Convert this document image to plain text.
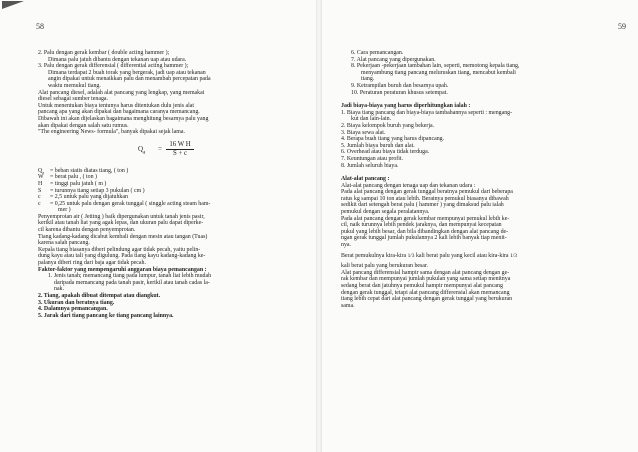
58

2. Palu dengan gerak kembar ( double acting hammer );

Dimana palu jatuh dibantu dengan tekanan uap atau udara.

3. Palu dengan gerak differensial ( differential acting hammer );

Dimana terdapat 2 buah torak yang bergerak, jadi uap atau tekanan

angin dipakai untuk menaikkan palu dan menambah percepatan pada

waktu memukul tiang.

Alat pancang diesel, adalah alat pancang yang lengkap, yang memakai

diesel sebagai sumber tenaga.

Untuk menentukan biaya tentunya harus ditentukan dulu jenis alat

pancang apa yang akan dipakai dan bagaimana caranya memancang.

Dibawah ini akan dijelaskan bagaimana menghitung besarnya palu yang

akan dipakai dengan salah satu rumus.

"The engineering News- formula", banyak dipakai sejak lama.

$Q_a = \frac{\text{16 W H}}{S + c}$
$Q_a$ = beban statis diatas tiang, ( ton )
W = berat palu , ( ton )
H = tinggi palu jatuh ( m )
S = turunnya tiang setiap 3 pukulan ( cm )
c = 2,5 untuk palu yang dijatuhkan
c = 0,25 untuk palu dengan gerak tunggal ( singgle acting steam ham-
mer )

Penyemprotan air ( Jetting ) baik dipergunakan untuk tanah jenis pasir,

kerikil atau tanah liat yang agak lepas, dan ukuran palu dapat diperke-

cil karena dibantu dengan penyemprotan.

Tiang kadang-kadang dicabut kembali dengan mesin atau tangan (Tuas)

karena salah pancang.

Kepala tiang biasanya diberi pelindung agar tidak pecah, yaitu pelin-

dung kayu atau tali yang digulung. Pada tiang kayu kadang-kadang ke-

palanya diberi ring dari baja agar tidak pecah.

Faktor-faktor yang mempengaruhi anggaran biaya pemancangan :

1. Jenis tanah; memancang tiang pada lumpur, tanah liat lebih mudah

daripada memancang pada tanah pasir, kerikil atau tanah cadas la-

nak.

2. Tiang, apakah dibuat ditempat atau diangkut.

3. Ukuran dan beratnya tiang.

4. Dalamnya pemancangan.

5. Jarak dari tiang pancang ke tiang pancang lainnya.

59

6. Cara pemancangan.

7. Alat pancang yang dipergunakan.

8. Pekerjaan -pekerjaan tambahan lain, seperti, memotong kepala tiang,

menyambung tiang pancang meluruskan tiang, mencabut kembali

tiang.

9. Ketrampilan buruh dan besarnya upah.

10. Peraturan peraturan khusus setempat.

Jadi biaya-biaya yang harus diperhitungkan ialah :

1. Biaya tiang pancang dan biaya-biaya tambahannya seperti : mengang-

kut dan lain-lain.

2. Biaya kelompok buruh yang bekerja.

3. Biaya sewa alat.

4. Berapa buah tiang yang harus dipancang.

5. Jumlah biaya buruh dan alat.

6. Overhead atau biaya tidak terduga.

7. Keuntungan atau profit.

8. Jumlah seluruh biaya.

Alat-alat pancang :

Alat-alat pancang dengan tenaga uap dan tekanan udara :

Pada alat pancang dengan gerak tunggal beratnya pemukul dari beberapa

ratus kg sampai 10 ton atau lebih. Beratnya pemukul biasanya dibawah

sedikit dari setengah berat palu ( hammer ) yang dimaksud palu ialah

pemukul dengan segala peralatannya.

Pada alat pancang dengan gerak kembar mempunyai pemukul lebih ke-

cil, naik turunnya lebih pendek jaraknya, dan mempunyai kecepatan

pukul yang lebih besar, dan bila dibandingkan dengan alat pancang de-

ngan gerak tunggal jumlah pukulannya 2 kali lebih banyak tiap menit-

nya.

Berat pemukulnya kira-kira 1/3 kali berat palu yang kecil atau kira-kira 1/3

kali berat palu yang berukuran besar.

Alat pancang differensial hampir sama dengan alat pancang dengan ge-

rak kembar dan mempunyai jumlah pukulan yang sama setiap menitnya

sedang berat dan jatuhnya pemukul hampir mempunyai alat pancang

dengan gerak tunggal, tetapi alat pancang differensial akan memancang

tiang lebih cepat dari alat pancang dengan gerak tunggal yang berukuran

sama.
